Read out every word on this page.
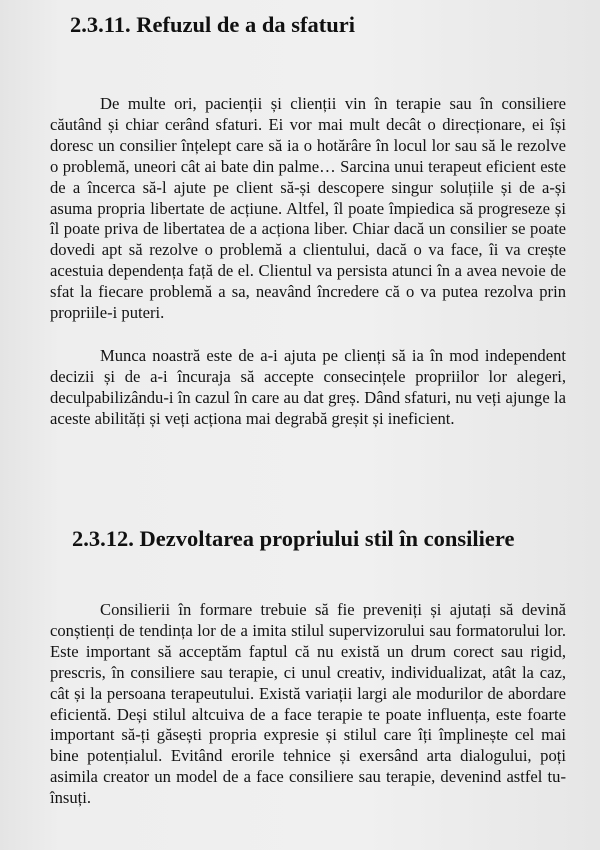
2.3.11. Refuzul de a da sfaturi

De multe ori, pacienții și clienții vin în terapie sau în consiliere căutând și chiar cerând sfaturi. Ei vor mai mult decât o direcționare, ei își doresc un consilier înțelept care să ia o hotărâre în locul lor sau să le rezolve o problemă, uneori cât ai bate din palme… Sarcina unui terapeut eficient este de a încerca să-l ajute pe client să-și descopere singur soluțiile și de a-și asuma propria libertate de acțiune. Altfel, îl poate împiedica să progreseze și îl poate priva de libertatea de a acționa liber. Chiar dacă un consilier se poate dovedi apt să rezolve o problemă a clientului, dacă o va face, îi va crește acestuia dependența față de el. Clientul va persista atunci în a avea nevoie de sfat la fiecare problemă a sa, neavând încredere că o va putea rezolva prin propriile-i puteri.

Munca noastră este de a-i ajuta pe clienți să ia în mod independent decizii și de a-i încuraja să accepte consecințele propriilor lor alegeri, deculpabilizându-i în cazul în care au dat greș. Dând sfaturi, nu veți ajunge la aceste abilități și veți acționa mai degrabă greșit și ineficient.

2.3.12. Dezvoltarea propriului stil în consiliere

Consilierii în formare trebuie să fie preveniți și ajutați să devină conștienți de tendința lor de a imita stilul supervizorului sau formatorului lor. Este important să acceptăm faptul că nu există un drum corect sau rigid, prescris, în consiliere sau terapie, ci unul creativ, individualizat, atât la caz, cât și la persoana terapeutului. Există variații largi ale modurilor de abordare eficientă. Deși stilul altcuiva de a face terapie te poate influența, este foarte important să-ți găsești propria expresie și stilul care îți împlinește cel mai bine potențialul. Evitând erorile tehnice și exersând arta dialogului, poți asimila creator un model de a face consiliere sau terapie, devenind astfel tu-însuți.
